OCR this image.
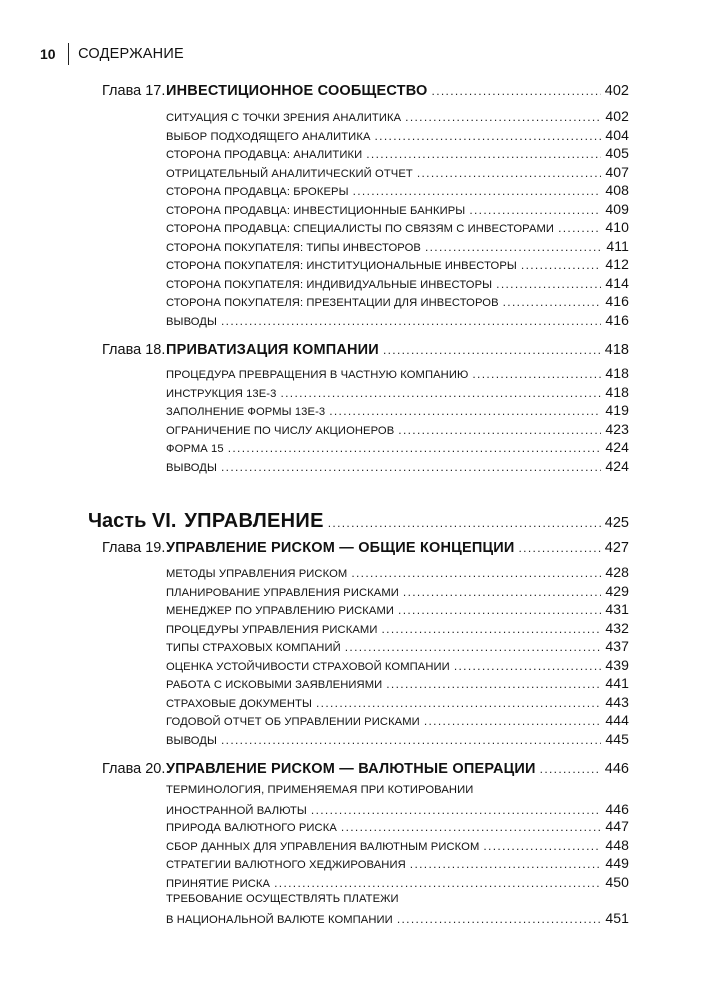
10 СОДЕРЖАНИЕ
Глава 17. ИНВЕСТИЦИОННОЕ СООБЩЕСТВО . . .	402
СИТУАЦИЯ С ТОЧКИ ЗРЕНИЯ АНАЛИТИКА . . .	402
ВЫБОР ПОДХОДЯЩЕГО АНАЛИТИКА . . .	404
СТОРОНА ПРОДАВЦА: АНАЛИТИКИ . . .	405
ОТРИЦАТЕЛЬНЫЙ АНАЛИТИЧЕСКИЙ ОТЧЕТ . . .	407
СТОРОНА ПРОДАВЦА: БРОКЕРЫ . . .	408
СТОРОНА ПРОДАВЦА: ИНВЕСТИЦИОННЫЕ БАНКИРЫ . . .	409
СТОРОНА ПРОДАВЦА: СПЕЦИАЛИСТЫ ПО СВЯЗЯМ С ИНВЕСТОРАМИ . . .	410
СТОРОНА ПОКУПАТЕЛЯ: ТИПЫ ИНВЕСТОРОВ . . .	411
СТОРОНА ПОКУПАТЕЛЯ: ИНСТИТУЦИОНАЛЬНЫЕ ИНВЕСТОРЫ . . .	412
СТОРОНА ПОКУПАТЕЛЯ: ИНДИВИДУАЛЬНЫЕ ИНВЕСТОРЫ . . .	414
СТОРОНА ПОКУПАТЕЛЯ: ПРЕЗЕНТАЦИИ ДЛЯ ИНВЕСТОРОВ . . .	416
ВЫВОДЫ . . .	416
Глава 18. ПРИВАТИЗАЦИЯ КОМПАНИИ . . .	418
ПРОЦЕДУРА ПРЕВРАЩЕНИЯ В ЧАСТНУЮ КОМПАНИЮ . . .	418
ИНСТРУКЦИЯ 13Е-3 . . .	418
ЗАПОЛНЕНИЕ ФОРМЫ 13Е-3 . . .	419
ОГРАНИЧЕНИЕ ПО ЧИСЛУ АКЦИОНЕРОВ . . .	423
ФОРМА 15 . . .	424
ВЫВОДЫ . . .	424
Часть VI. УПРАВЛЕНИЕ . . .	425
Глава 19. УПРАВЛЕНИЕ РИСКОМ — ОБЩИЕ КОНЦЕПЦИИ . . .	427
МЕТОДЫ УПРАВЛЕНИЯ РИСКОМ . . .	428
ПЛАНИРОВАНИЕ УПРАВЛЕНИЯ РИСКАМИ . . .	429
МЕНЕДЖЕР ПО УПРАВЛЕНИЮ РИСКАМИ . . .	431
ПРОЦЕДУРЫ УПРАВЛЕНИЯ РИСКАМИ . . .	432
ТИПЫ СТРАХОВЫХ КОМПАНИЙ . . .	437
ОЦЕНКА УСТОЙЧИВОСТИ СТРАХОВОЙ КОМПАНИИ . . .	439
РАБОТА С ИСКОВЫМИ ЗАЯВЛЕНИЯМИ . . .	441
СТРАХОВЫЕ ДОКУМЕНТЫ . . .	443
ГОДОВОЙ ОТЧЕТ ОБ УПРАВЛЕНИИ РИСКАМИ . . .	444
ВЫВОДЫ . . .	445
Глава 20. УПРАВЛЕНИЕ РИСКОМ — ВАЛЮТНЫЕ ОПЕРАЦИИ . . .	446
ТЕРМИНОЛОГИЯ, ПРИМЕНЯЕМАЯ ПРИ КОТИРОВАНИИ
ИНОСТРАННОЙ ВАЛЮТЫ . . .	446
ПРИРОДА ВАЛЮТНОГО РИСКА . . .	447
СБОР ДАННЫХ ДЛЯ УПРАВЛЕНИЯ ВАЛЮТНЫМ РИСКОМ . . .	448
СТРАТЕГИИ ВАЛЮТНОГО ХЕДЖИРОВАНИЯ . . .	449
ПРИНЯТИЕ РИСКА . . .	450
ТРЕБОВАНИЕ ОСУЩЕСТВЛЯТЬ ПЛАТЕЖИ
В НАЦИОНАЛЬНОЙ ВАЛЮТЕ КОМПАНИИ . . .	451
